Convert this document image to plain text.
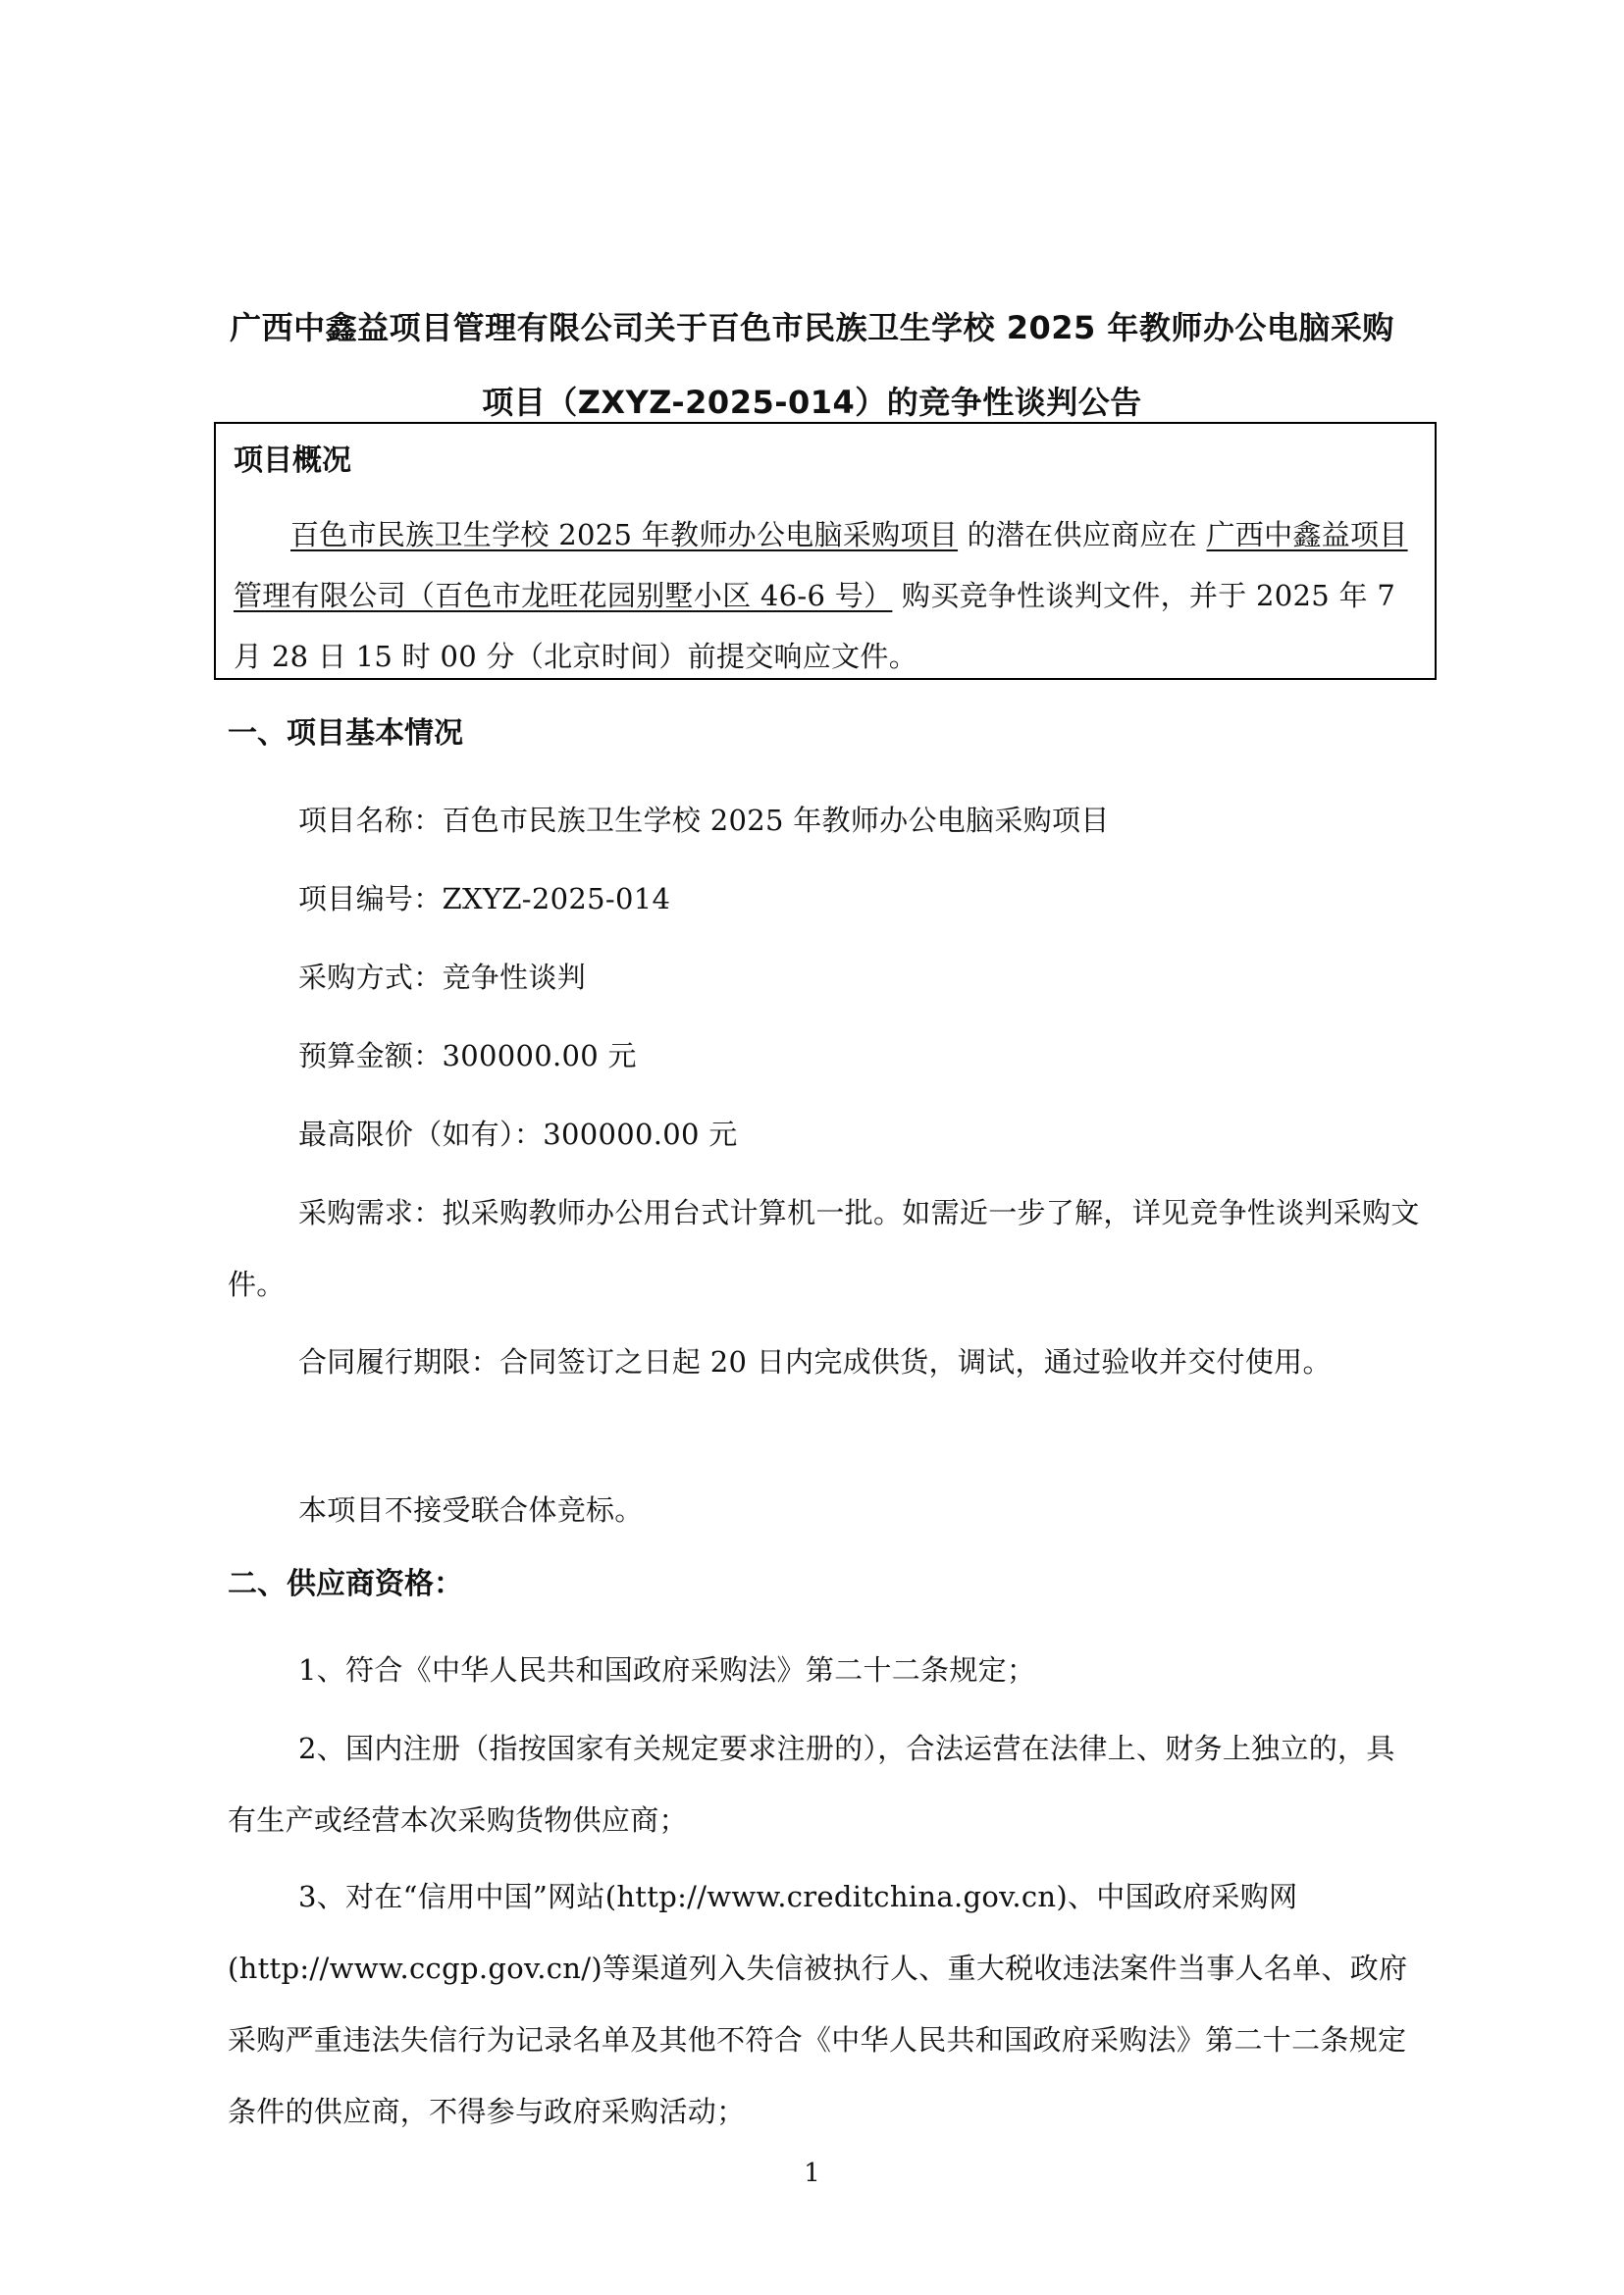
广西中鑫益项目管理有限公司关于百色市民族卫生学校 2025 年教师办公电脑采购
项目（ZXYZ-2025-014）的竞争性谈判公告
项目概况
百色市民族卫生学校 2025 年教师办公电脑采购项目 的潜在供应商应在 广西中鑫益项目管理有限公司（百色市龙旺花园别墅小区 46-6 号） 购买竞争性谈判文件，并于 2025 年 7 月 28 日 15 时 00 分（北京时间）前提交响应文件。
一、项目基本情况
项目名称：百色市民族卫生学校 2025 年教师办公电脑采购项目
项目编号：ZXYZ-2025-014
采购方式：竞争性谈判
预算金额：300000.00 元
最高限价（如有）：300000.00 元
采购需求：拟采购教师办公用台式计算机一批。如需近一步了解，详见竞争性谈判采购文件。
合同履行期限：合同签订之日起 20 日内完成供货，调试，通过验收并交付使用。
本项目不接受联合体竞标。
二、供应商资格：
1、符合《中华人民共和国政府采购法》第二十二条规定；
2、国内注册（指按国家有关规定要求注册的），合法运营在法律上、财务上独立的，具有生产或经营本次采购货物供应商；
3、对在“信用中国”网站(http://www.creditchina.gov.cn)、中国政府采购网(http://www.ccgp.gov.cn/)等渠道列入失信被执行人、重大税收违法案件当事人名单、政府采购严重违法失信行为记录名单及其他不符合《中华人民共和国政府采购法》第二十二条规定条件的供应商，不得参与政府采购活动；
1
